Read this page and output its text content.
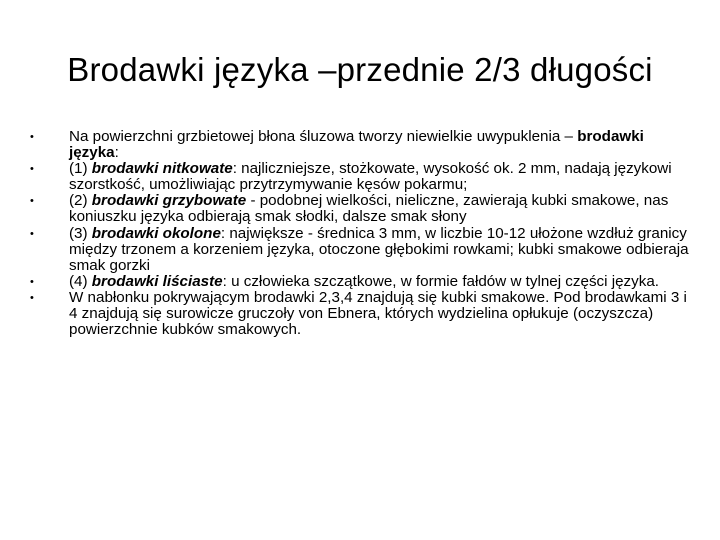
Brodawki języka –przednie 2/3 długości
•	Na powierzchni grzbietowej błona śluzowa tworzy niewielkie uwypuklenia – brodawki języka:
•	(1) brodawki nitkowate: najliczniejsze, stożkowate, wysokość ok. 2 mm, nadają językowi szorstkość, umożliwiając przytrzymywanie kęsów pokarmu;
•	(2) brodawki grzybowate - podobnej wielkości, nieliczne, zawierają kubki smakowe, nas koniuszku języka odbierają smak słodki, dalsze smak słony
•	(3) brodawki okolone: największe - średnica 3 mm, w liczbie 10-12 ułożone wzdłuż granicy między trzonem a korzeniem języka, otoczone głębokimi rowkami; kubki smakowe odbieraja smak gorzki
•	(4) brodawki liściaste: u człowieka szczątkowe, w formie fałdów w tylnej części języka.
•	W nabłonku pokrywającym brodawki 2,3,4 znajdują się kubki smakowe. Pod brodawkami 3 i 4 znajdują się surowicze gruczoły von Ebnera, których wydzielina opłukuje (oczyszcza) powierzchnie kubków smakowych.
